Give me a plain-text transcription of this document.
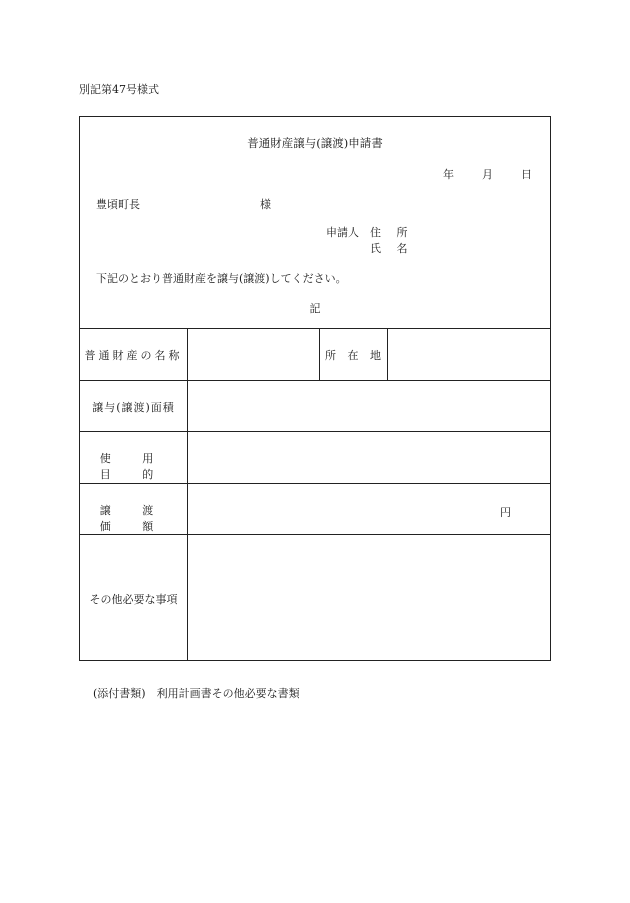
別記第47号様式
普通財産譲与(譲渡)申請書
年	月	日
豊頃町長	様
申請人 住 所
氏 名
下記のとおり普通財産を譲与(譲渡)してください。
記
普通財産の名称	所 在 地
譲与(譲渡)面積
使 用 目 的
譲 渡 価 額
円
その他必要な事項
(添付書類)　利用計画書その他必要な書類
